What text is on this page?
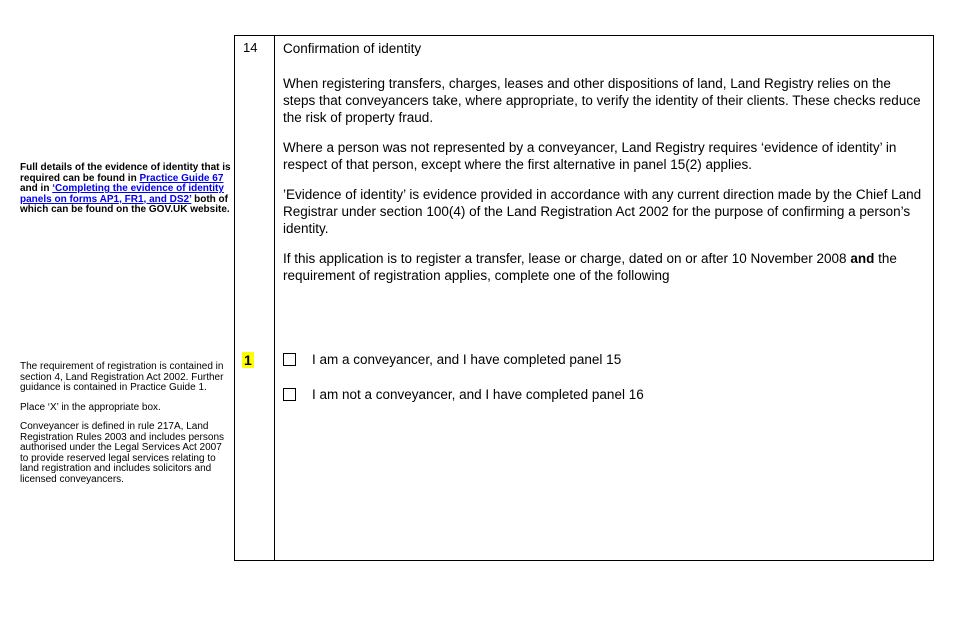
Full details of the evidence of identity that is required can be found in Practice Guide 67 and in ‘Completing the evidence of identity panels on forms AP1, FR1, and DS2’ both of which can be found on the GOV.UK website.

The requirement of registration is contained in section 4, Land Registration Act 2002. Further guidance is contained in Practice Guide 1.

Place ‘X’ in the appropriate box.

Conveyancer is defined in rule 217A, Land Registration Rules 2003 and includes persons authorised under the Legal Services Act 2007 to provide reserved legal services relating to land registration and includes solicitors and licensed conveyancers.

14 Confirmation of identity

When registering transfers, charges, leases and other dispositions of land, Land Registry relies on the steps that conveyancers take, where appropriate, to verify the identity of their clients. These checks reduce the risk of property fraud.

Where a person was not represented by a conveyancer, Land Registry requires ‘evidence of identity’ in respect of that person, except where the first alternative in panel 15(2) applies.

’Evidence of identity’ is evidence provided in accordance with any current direction made by the Chief Land Registrar under section 100(4) of the Land Registration Act 2002 for the purpose of confirming a person’s identity.

If this application is to register a transfer, lease or charge, dated on or after 10 November 2008 and the requirement of registration applies, complete one of the following

1	I am a conveyancer, and I have completed panel 15
I am not a conveyancer, and I have completed panel 16
